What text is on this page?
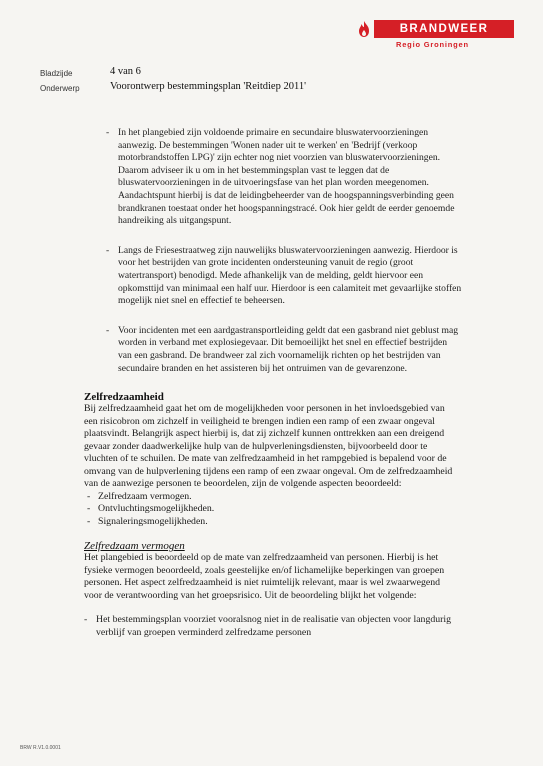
BRANDWEER
Regio Groningen
Bladzijde	4 van 6
Onderwerp	Voorontwerp bestemmingsplan 'Reitdiep 2011'

- In het plangebied zijn voldoende primaire en secundaire bluswatervoorzieningen aanwezig. De bestemmingen 'Wonen nader uit te werken' en 'Bedrijf (verkoop motorbrandstoffen LPG)' zijn echter nog niet voorzien van bluswatervoorzieningen. Daarom adviseer ik u om in het bestemmingsplan vast te leggen dat de bluswatervoorzieningen in de uitvoeringsfase van het plan worden meegenomen. Aandachtspunt hierbij is dat de leidingbeheerder van de hoogspanningsverbinding geen brandkranen toestaat onder het hoogspanningstracé. Ook hier geldt de eerder genoemde handreiking als uitgangspunt.

- Langs de Friesestraatweg zijn nauwelijks bluswatervoorzieningen aanwezig. Hierdoor is voor het bestrijden van grote incidenten ondersteuning vanuit de regio (groot watertransport) benodigd. Mede afhankelijk van de melding, geldt hiervoor een opkomsttijd van minimaal een half uur. Hierdoor is een calamiteit met gevaarlijke stoffen mogelijk niet snel en effectief te beheersen.

- Voor incidenten met een aardgastransportleiding geldt dat een gasbrand niet geblust mag worden in verband met explosiegevaar. Dit bemoeilijkt het snel en effectief bestrijden van een gasbrand. De brandweer zal zich voornamelijk richten op het bestrijden van secundaire branden en het assisteren bij het ontruimen van de gevarenzone.

Zelfredzaamheid

Bij zelfredzaamheid gaat het om de mogelijkheden voor personen in het invloedsgebied van een risicobron om zichzelf in veiligheid te brengen indien een ramp of een zwaar ongeval plaatsvindt. Belangrijk aspect hierbij is, dat zij zichzelf kunnen onttrekken aan een dreigend gevaar zonder daadwerkelijke hulp van de hulpverleningsdiensten, bijvoorbeeld door te vluchten of te schuilen. De mate van zelfredzaamheid in het rampgebied is bepalend voor de omvang van de hulpverlening tijdens een ramp of een zwaar ongeval. Om de zelfredzaamheid van de aanwezige personen te beoordelen, zijn de volgende aspecten beoordeeld:

- Zelfredzaam vermogen.
- Ontvluchtingsmogelijkheden.
- Signaleringsmogelijkheden.

Zelfredzaam vermogen

Het plangebied is beoordeeld op de mate van zelfredzaamheid van personen. Hierbij is het fysieke vermogen beoordeeld, zoals geestelijke en/of lichamelijke beperkingen van groepen personen. Het aspect zelfredzaamheid is niet ruimtelijk relevant, maar is wel zwaarwegend voor de verantwoording van het groepsrisico. Uit de beoordeling blijkt het volgende:

- Het bestemmingsplan voorziet vooralsnog niet in de realisatie van objecten voor langdurig verblijf van groepen verminderd zelfredzame personen

BRW R.V1.0.0001
